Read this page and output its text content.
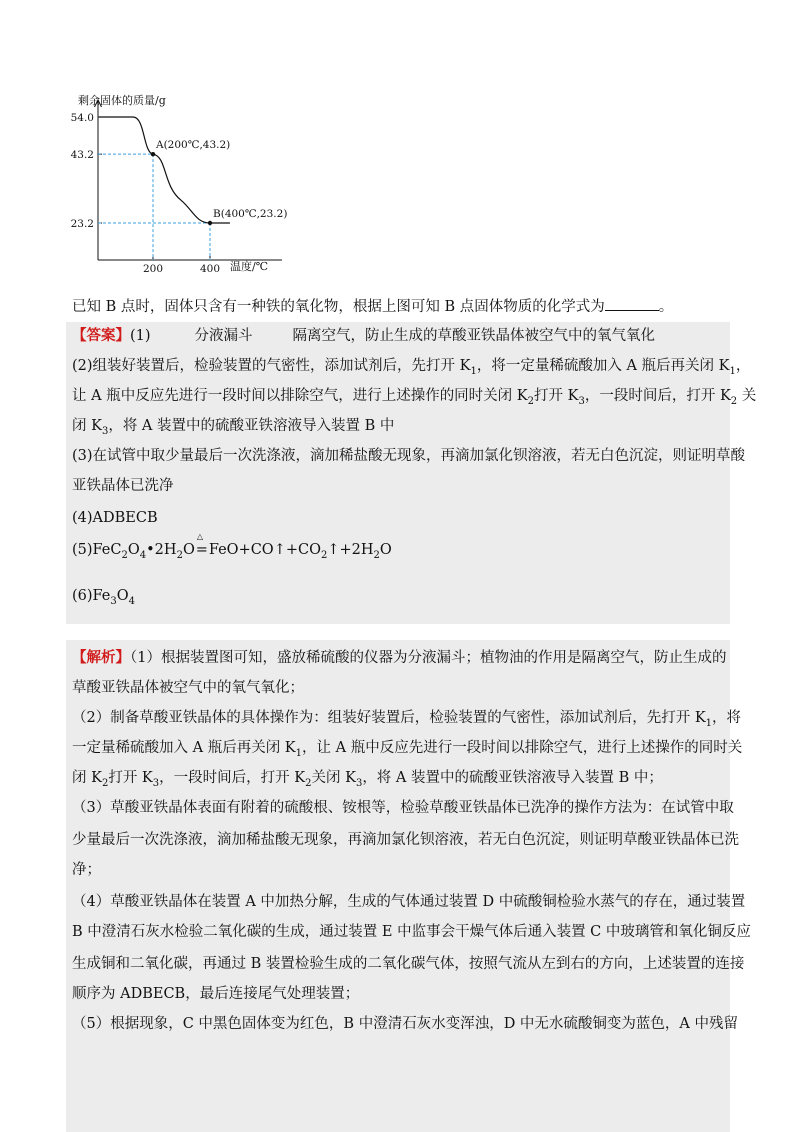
剩余固体的质量/g
54.0
43.2
23.2
200	400
A(200℃,43.2)
B(400℃,23.2)
温度/℃
已知 B 点时，固体只含有一种铁的氧化物，根据上图可知 B 点固体物质的化学式为	。
【答案】(1)	分液漏斗	隔离空气，防止生成的草酸亚铁晶体被空气中的氧气氧化
(2)组装好装置后，检验装置的气密性，添加试剂后，先打开 $K_1$，将一定量稀硫酸加入 A 瓶后再关闭 $K_1$，
让 A 瓶中反应先进行一段时间以排除空气，进行上述操作的同时关闭 $K_2$打开 $K_3$，一段时间后，打开 $K_2$ 关
闭 $K_3$，将 A 装置中的硫酸亚铁溶液导入装置 B 中
(3)在试管中取少量最后一次洗涤液，滴加稀盐酸无现象，再滴加氯化钡溶液，若无白色沉淀，则证明草酸
亚铁晶体已洗净
(4)ADBECB
$(5)FeC_2O_4•2H_2O=$
△
$FeO+CO↑+CO_2↑+2H_2O$
$(6)Fe_3O_4$
【解析】（1）根据装置图可知，盛放稀硫酸的仪器为分液漏斗；植物油的作用是隔离空气，防止生成的
草酸亚铁晶体被空气中的氧气氧化；
（2）制备草酸亚铁晶体的具体操作为：组装好装置后，检验装置的气密性，添加试剂后，先打开 $K_1$，将
一定量稀硫酸加入 A 瓶后再关闭 $K_1$，让 A 瓶中反应先进行一段时间以排除空气，进行上述操作的同时关
闭 $K_2$打开 $K_3$，一段时间后，打开 $K_2$关闭 $K_3$，将 A 装置中的硫酸亚铁溶液导入装置 B 中；
（3）草酸亚铁晶体表面有附着的硫酸根、铵根等，检验草酸亚铁晶体已洗净的操作方法为：在试管中取
少量最后一次洗涤液，滴加稀盐酸无现象，再滴加氯化钡溶液，若无白色沉淀，则证明草酸亚铁晶体已洗
净；
（4）草酸亚铁晶体在装置 A 中加热分解，生成的气体通过装置 D 中硫酸铜检验水蒸气的存在，通过装置
B 中澄清石灰水检验二氧化碳的生成，通过装置 E 中监事会干燥气体后通入装置 C 中玻璃管和氧化铜反应
生成铜和二氧化碳，再通过 B 装置检验生成的二氧化碳气体，按照气流从左到右的方向，上述装置的连接
顺序为 ADBECB，最后连接尾气处理装置；
（5）根据现象，C 中黑色固体变为红色，B 中澄清石灰水变浑浊，D 中无水硫酸铜变为蓝色，A 中残留
